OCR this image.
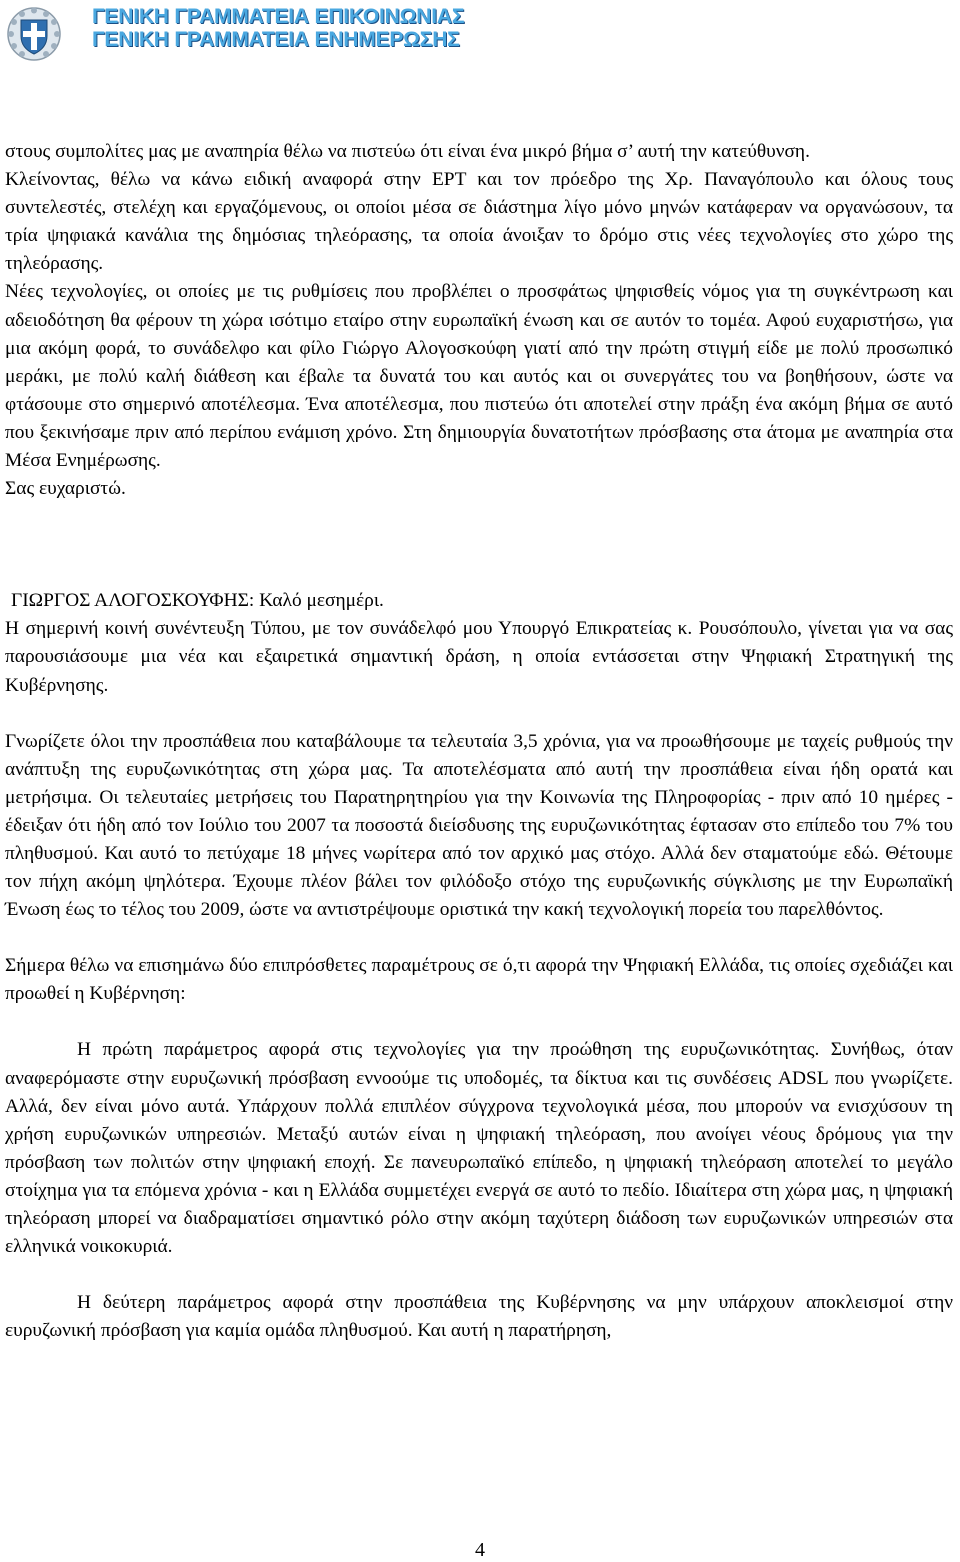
ΓΕΝΙΚΗ ΓΡΑΜΜΑΤΕΙΑ ΕΠΙΚΟΙΝΩΝΙΑΣ
ΓΕΝΙΚΗ ΓΡΑΜΜΑΤΕΙΑ ΕΝΗΜΕΡΩΣΗΣ

στους συμπολίτες μας με αναπηρία θέλω να πιστεύω ότι είναι ένα μικρό βήμα σ’ αυτή την κατεύθυνση.

Κλείνοντας, θέλω να κάνω ειδική αναφορά στην ΕΡΤ και τον πρόεδρο της Χρ. Παναγόπουλο και όλους τους συντελεστές, στελέχη και εργαζόμενους, οι οποίοι μέσα σε διάστημα λίγο μόνο μηνών κατάφεραν να οργανώσουν, τα τρία ψηφιακά κανάλια της δημόσιας τηλεόρασης, τα οποία άνοιξαν το δρόμο στις νέες τεχνολογίες στο χώρο της τηλεόρασης.

Νέες τεχνολογίες, οι οποίες με τις ρυθμίσεις που προβλέπει ο προσφάτως ψηφισθείς νόμος για τη συγκέντρωση και αδειοδότηση θα φέρουν τη χώρα ισότιμο εταίρο στην ευρωπαϊκή ένωση και σε αυτόν το τομέα. Αφού ευχαριστήσω, για μια ακόμη φορά, το συνάδελφο και φίλο Γιώργο Αλογοσκούφη γιατί από την πρώτη στιγμή είδε με πολύ προσωπικό μεράκι, με πολύ καλή διάθεση και έβαλε τα δυνατά του και αυτός και οι συνεργάτες του να βοηθήσουν, ώστε να φτάσουμε στο σημερινό αποτέλεσμα. Ένα αποτέλεσμα, που πιστεύω ότι αποτελεί στην πράξη ένα ακόμη βήμα σε αυτό που ξεκινήσαμε πριν από περίπου ενάμιση χρόνο. Στη δημιουργία δυνατοτήτων πρόσβασης στα άτομα με αναπηρία στα Μέσα Ενημέρωσης.

Σας ευχαριστώ.

ΓΙΩΡΓΟΣ ΑΛΟΓΟΣΚΟΥΦΗΣ: Καλό μεσημέρι.

Η σημερινή κοινή συνέντευξη Τύπου, με τον συνάδελφό μου Υπουργό Επικρατείας κ. Ρουσόπουλο, γίνεται για να σας παρουσιάσουμε μια νέα και εξαιρετικά σημαντική δράση, η οποία εντάσσεται στην Ψηφιακή Στρατηγική της Κυβέρνησης.

Γνωρίζετε όλοι την προσπάθεια που καταβάλουμε τα τελευταία 3,5 χρόνια, για να προωθήσουμε με ταχείς ρυθμούς την ανάπτυξη της ευρυζωνικότητας στη χώρα μας. Τα αποτελέσματα από αυτή την προσπάθεια είναι ήδη ορατά και μετρήσιμα. Οι τελευταίες μετρήσεις του Παρατηρητηρίου για την Κοινωνία της Πληροφορίας - πριν από 10 ημέρες - έδειξαν ότι ήδη από τον Ιούλιο του 2007 τα ποσοστά διείσδυσης της ευρυζωνικότητας έφτασαν στο επίπεδο του 7% του πληθυσμού. Και αυτό το πετύχαμε 18 μήνες νωρίτερα από τον αρχικό μας στόχο. Αλλά δεν σταματούμε εδώ. Θέτουμε τον πήχη ακόμη ψηλότερα. Έχουμε πλέον βάλει τον φιλόδοξο στόχο της ευρυζωνικής σύγκλισης με την Ευρωπαϊκή Ένωση έως το τέλος του 2009, ώστε να αντιστρέψουμε οριστικά την κακή τεχνολογική πορεία του παρελθόντος.

Σήμερα θέλω να επισημάνω δύο επιπρόσθετες παραμέτρους σε ό,τι αφορά την Ψηφιακή Ελλάδα, τις οποίες σχεδιάζει και προωθεί η Κυβέρνηση:

Η πρώτη παράμετρος αφορά στις τεχνολογίες για την προώθηση της ευρυζωνικότητας. Συνήθως, όταν αναφερόμαστε στην ευρυζωνική πρόσβαση εννοούμε τις υποδομές, τα δίκτυα και τις συνδέσεις ADSL που γνωρίζετε. Αλλά, δεν είναι μόνο αυτά. Υπάρχουν πολλά επιπλέον σύγχρονα τεχνολογικά μέσα, που μπορούν να ενισχύσουν τη χρήση ευρυζωνικών υπηρεσιών. Μεταξύ αυτών είναι η ψηφιακή τηλεόραση, που ανοίγει νέους δρόμους για την πρόσβαση των πολιτών στην ψηφιακή εποχή. Σε πανευρωπαϊκό επίπεδο, η ψηφιακή τηλεόραση αποτελεί το μεγάλο στοίχημα για τα επόμενα χρόνια - και η Ελλάδα συμμετέχει ενεργά σε αυτό το πεδίο. Ιδιαίτερα στη χώρα μας, η ψηφιακή τηλεόραση μπορεί να διαδραματίσει σημαντικό ρόλο στην ακόμη ταχύτερη διάδοση των ευρυζωνικών υπηρεσιών στα ελληνικά νοικοκυριά.

Η δεύτερη παράμετρος αφορά στην προσπάθεια της Κυβέρνησης να μην υπάρχουν αποκλεισμοί στην ευρυζωνική πρόσβαση για καμία ομάδα πληθυσμού. Και αυτή η παρατήρηση,

4
